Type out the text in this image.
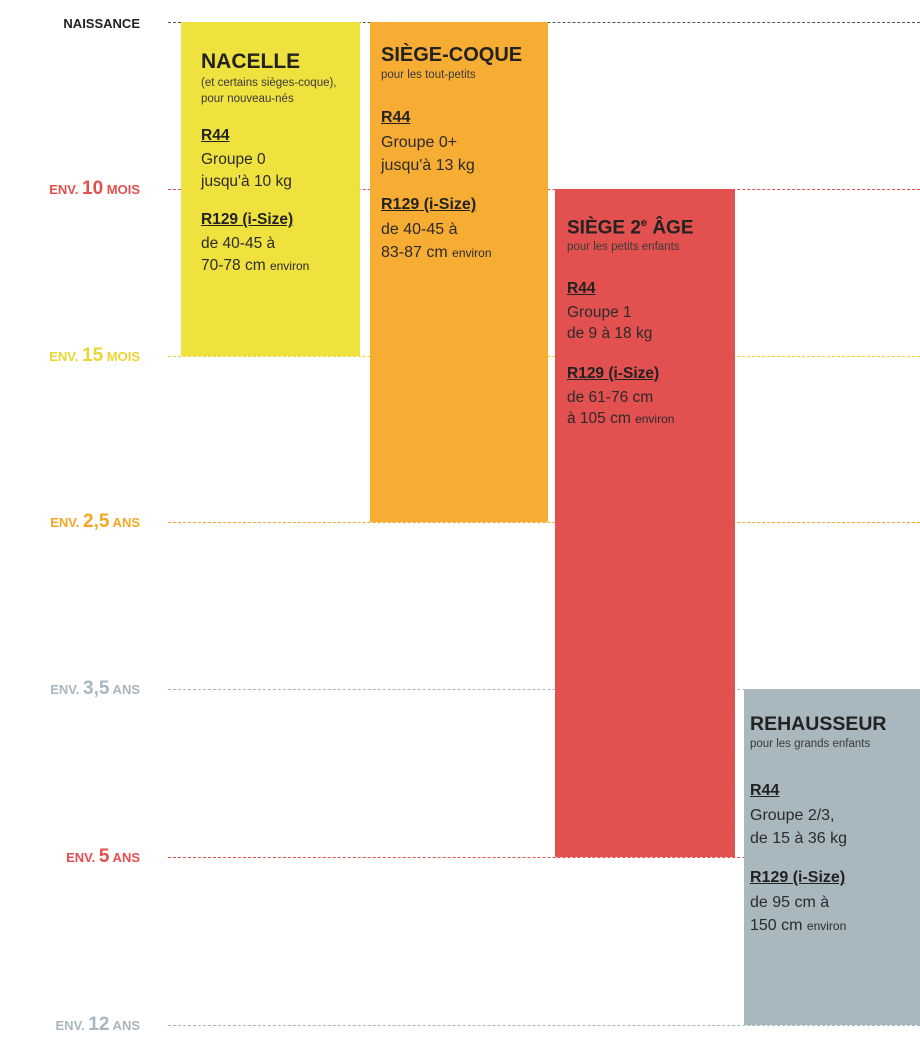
NAISSANCE
ENV. 10 MOIS
ENV. 15 MOIS
ENV. 2,5 ANS
ENV. 3,5 ANS
ENV. 5 ANS
ENV. 12 ANS
NACELLE
(et certains sièges-coque), pour nouveau-nés
R44
Groupe 0
jusqu'à 10 kg
R129 (i-Size)
de 40-45 à
70-78 cm environ
SIÈGE-COQUE
pour les tout-petits
R44
Groupe 0+
jusqu'à 13 kg
R129 (i-Size)
de 40-45 à
83-87 cm environ
SIÈGE 2e ÂGE
pour les petits enfants
R44
Groupe 1
de 9 à 18 kg
R129 (i-Size)
de 61-76 cm
à 105 cm environ
REHAUSSEUR
pour les grands enfants
R44
Groupe 2/3,
de 15 à 36 kg
R129 (i-Size)
de 95 cm à
150 cm environ
